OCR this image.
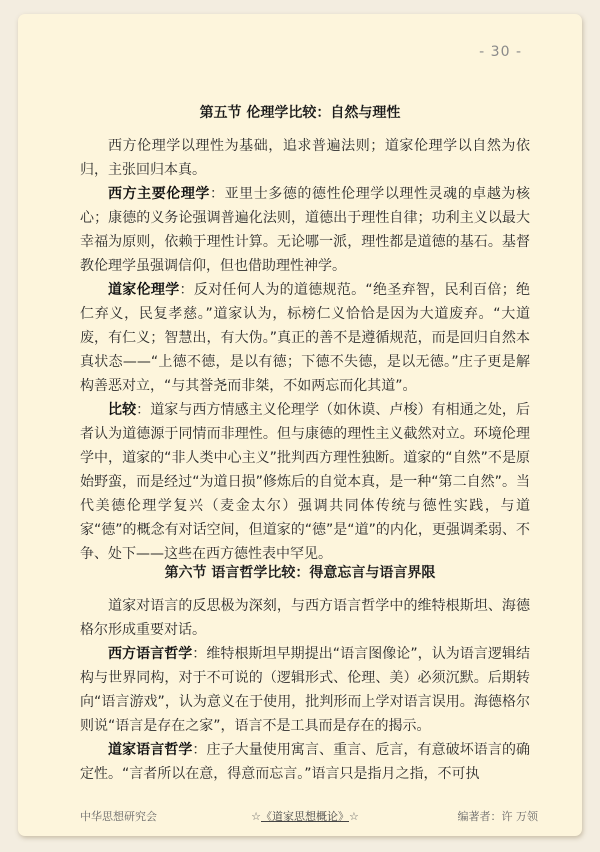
- 30 -
第五节 伦理学比较：自然与理性

西方伦理学以理性为基础，追求普遍法则；道家伦理学以自然为依归，主张回归本真。

西方主要伦理学：亚里士多德的德性伦理学以理性灵魂的卓越为核心；康德的义务论强调普遍化法则，道德出于理性自律；功利主义以最大幸福为原则，依赖于理性计算。无论哪一派，理性都是道德的基石。基督教伦理学虽强调信仰，但也借助理性神学。

道家伦理学：反对任何人为的道德规范。“绝圣弃智，民利百倍；绝仁弃义，民复孝慈。”道家认为，标榜仁义恰恰是因为大道废弃。“大道废，有仁义；智慧出，有大伪。”真正的善不是遵循规范，而是回归自然本真状态——“上德不德，是以有德；下德不失德，是以无德。”庄子更是解构善恶对立，“与其誉尧而非桀，不如两忘而化其道”。

比较：道家与西方情感主义伦理学（如休谟、卢梭）有相通之处，后者认为道德源于同情而非理性。但与康德的理性主义截然对立。环境伦理学中，道家的“非人类中心主义”批判西方理性独断。道家的“自然”不是原始野蛮，而是经过“为道日损”修炼后的自觉本真，是一种“第二自然”。当代美德伦理学复兴（麦金太尔）强调共同体传统与德性实践，与道家“德”的概念有对话空间，但道家的“德”是“道”的内化，更强调柔弱、不争、处下——这些在西方德性表中罕见。

第六节 语言哲学比较：得意忘言与语言界限

道家对语言的反思极为深刻，与西方语言哲学中的维特根斯坦、海德格尔形成重要对话。

西方语言哲学：维特根斯坦早期提出“语言图像论”，认为语言逻辑结构与世界同构，对于不可说的（逻辑形式、伦理、美）必须沉默。后期转向“语言游戏”，认为意义在于使用，批判形而上学对语言误用。海德格尔则说“语言是存在之家”，语言不是工具而是存在的揭示。

道家语言哲学：庄子大量使用寓言、重言、卮言，有意破坏语言的确定性。“言者所以在意，得意而忘言。”语言只是指月之指，不可执

中华思想研究会	☆《道家思想概论》☆	编著者：许 万领
